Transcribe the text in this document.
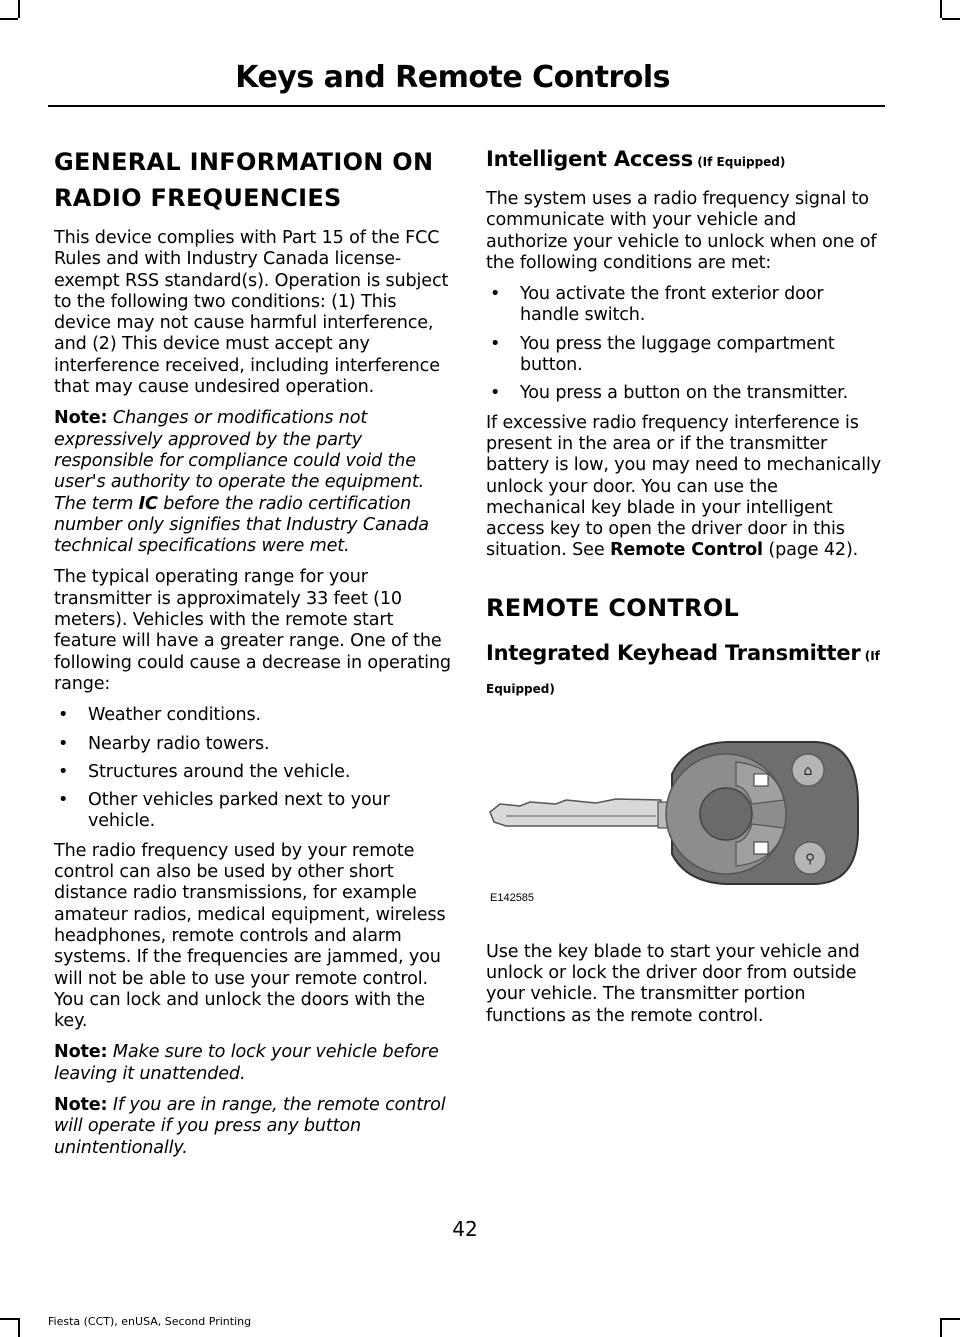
Keys and Remote Controls
GENERAL INFORMATION ON
RADIO FREQUENCIES

This device complies with Part 15 of the FCC Rules and with Industry Canada license-exempt RSS standard(s). Operation is subject to the following two conditions: (1) This device may not cause harmful interference, and (2) This device must accept any interference received, including interference that may cause undesired operation.

Note: Changes or modifications not expressively approved by the party responsible for compliance could void the user's authority to operate the equipment. The term IC before the radio certification number only signifies that Industry Canada technical specifications were met.

The typical operating range for your transmitter is approximately 33 feet (10 meters). Vehicles with the remote start feature will have a greater range. One of the following could cause a decrease in operating range:

• Weather conditions.
• Nearby radio towers.
• Structures around the vehicle.
• Other vehicles parked next to your vehicle.

The radio frequency used by your remote control can also be used by other short distance radio transmissions, for example amateur radios, medical equipment, wireless headphones, remote controls and alarm systems. If the frequencies are jammed, you will not be able to use your remote control. You can lock and unlock the doors with the key.

Note: Make sure to lock your vehicle before leaving it unattended.

Note: If you are in range, the remote control will operate if you press any button unintentionally.

Intelligent Access (If Equipped)

The system uses a radio frequency signal to communicate with your vehicle and authorize your vehicle to unlock when one of the following conditions are met:

• You activate the front exterior door handle switch.
• You press the luggage compartment button.
• You press a button on the transmitter.

If excessive radio frequency interference is present in the area or if the transmitter battery is low, you may need to mechanically unlock your door. You can use the mechanical key blade in your intelligent access key to open the driver door in this situation. See Remote Control (page 42).

REMOTE CONTROL
Integrated Keyhead Transmitter (If Equipped)
⌂
⚲
E142585

Use the key blade to start your vehicle and unlock or lock the driver door from outside your vehicle. The transmitter portion functions as the remote control.

42
Fiesta (CCT), enUSA, Second Printing
